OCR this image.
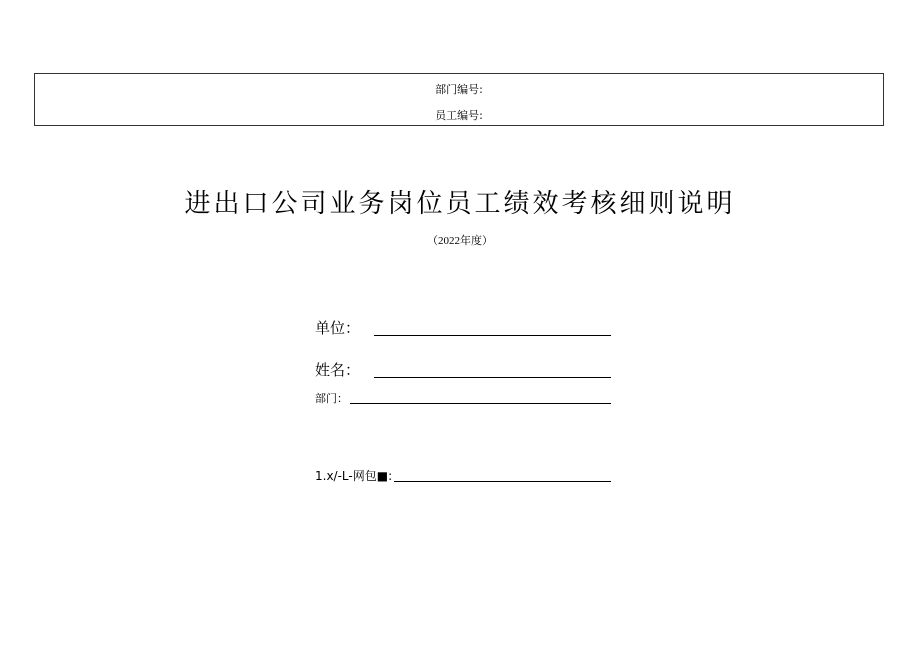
部门编号:
员工编号:
进出口公司业务岗位员工绩效考核细则说明
（2022年度）
单位：
姓名：
部门：
1.x/-L-网包■:
